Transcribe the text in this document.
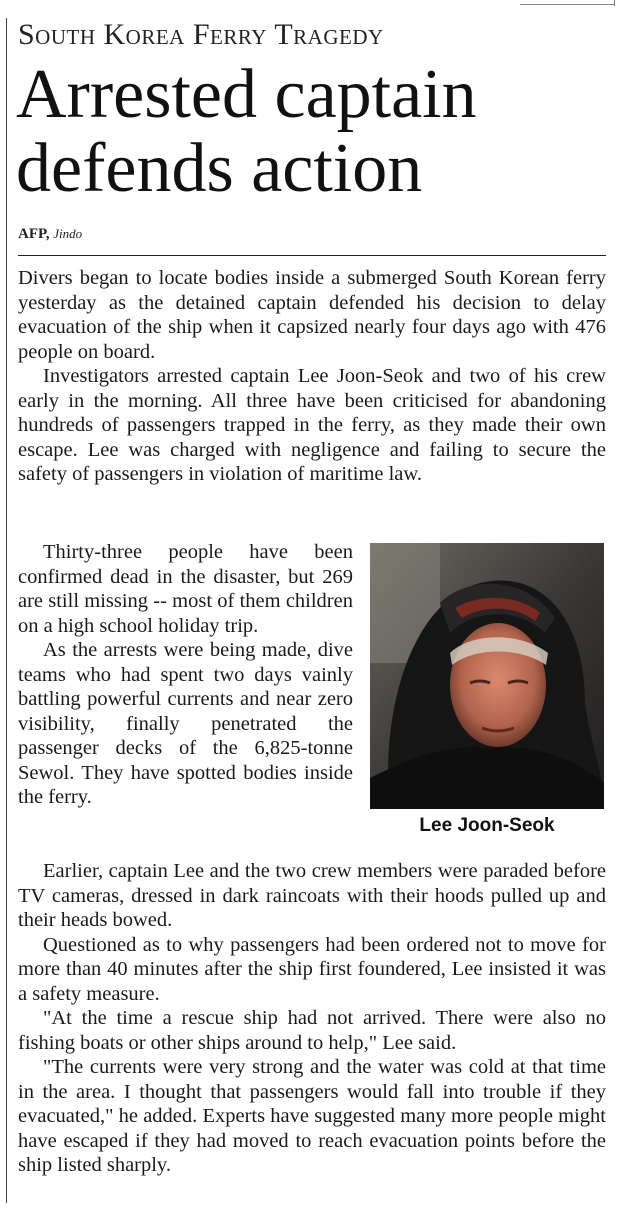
South Korea Ferry Tragedy
Arrested captain
defends action
AFP, Jindo

Divers began to locate bodies inside a submerged South Korean ferry yesterday as the detained captain defended his decision to delay evacuation of the ship when it capsized nearly four days ago with 476 people on board.

Investigators arrested captain Lee Joon-Seok and two of his crew early in the morning. All three have been criticised for abandoning hundreds of passengers trapped in the ferry, as they made their own escape. Lee was charged with negligence and failing to secure the safety of passengers in violation of maritime law.

Thirty-three people have been confirmed dead in the disaster, but 269 are still missing -- most of them children on a high school holiday trip.

As the arrests were being made, dive teams who had spent two days vainly battling powerful currents and near zero visibility, finally penetrated the passenger decks of the 6,825-tonne Sewol. They have spotted bodies inside the ferry.

Lee Joon-Seok

Earlier, captain Lee and the two crew members were paraded before TV cameras, dressed in dark raincoats with their hoods pulled up and their heads bowed.

Questioned as to why passengers had been ordered not to move for more than 40 minutes after the ship first foundered, Lee insisted it was a safety measure.

"At the time a rescue ship had not arrived. There were also no fishing boats or other ships around to help," Lee said.

"The currents were very strong and the water was cold at that time in the area. I thought that passengers would fall into trouble if they evacuated," he added. Experts have suggested many more people might have escaped if they had moved to reach evacuation points before the ship listed sharply.
